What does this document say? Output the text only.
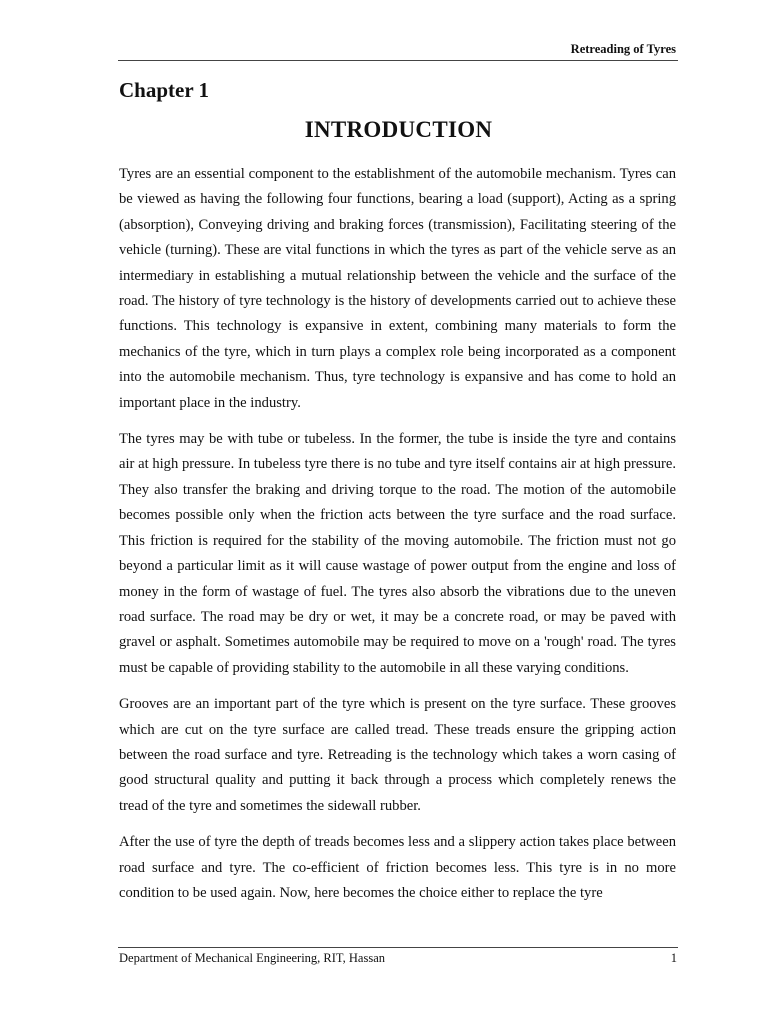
Retreading of Tyres
Chapter 1
INTRODUCTION

Tyres are an essential component to the establishment of the automobile mechanism. Tyres can be viewed as having the following four functions, bearing a load (support), Acting as a spring (absorption), Conveying driving and braking forces (transmission), Facilitating steering of the vehicle (turning). These are vital functions in which the tyres as part of the vehicle serve as an intermediary in establishing a mutual relationship between the vehicle and the surface of the road. The history of tyre technology is the history of developments carried out to achieve these functions. This technology is expansive in extent, combining many materials to form the mechanics of the tyre, which in turn plays a complex role being incorporated as a component into the automobile mechanism. Thus, tyre technology is expansive and has come to hold an important place in the industry.

The tyres may be with tube or tubeless. In the former, the tube is inside the tyre and contains air at high pressure. In tubeless tyre there is no tube and tyre itself contains air at high pressure. They also transfer the braking and driving torque to the road. The motion of the automobile becomes possible only when the friction acts between the tyre surface and the road surface. This friction is required for the stability of the moving automobile. The friction must not go beyond a particular limit as it will cause wastage of power output from the engine and loss of money in the form of wastage of fuel. The tyres also absorb the vibrations due to the uneven road surface. The road may be dry or wet, it may be a concrete road, or may be paved with gravel or asphalt. Sometimes automobile may be required to move on a 'rough' road. The tyres must be capable of providing stability to the automobile in all these varying conditions.

Grooves are an important part of the tyre which is present on the tyre surface. These grooves which are cut on the tyre surface are called tread. These treads ensure the gripping action between the road surface and tyre. Retreading is the technology which takes a worn casing of good structural quality and putting it back through a process which completely renews the tread of the tyre and sometimes the sidewall rubber.

After the use of tyre the depth of treads becomes less and a slippery action takes place between road surface and tyre. The co-efficient of friction becomes less. This tyre is in no more condition to be used again. Now, here becomes the choice either to replace the tyre

Department of Mechanical Engineering, RIT, Hassan	1
